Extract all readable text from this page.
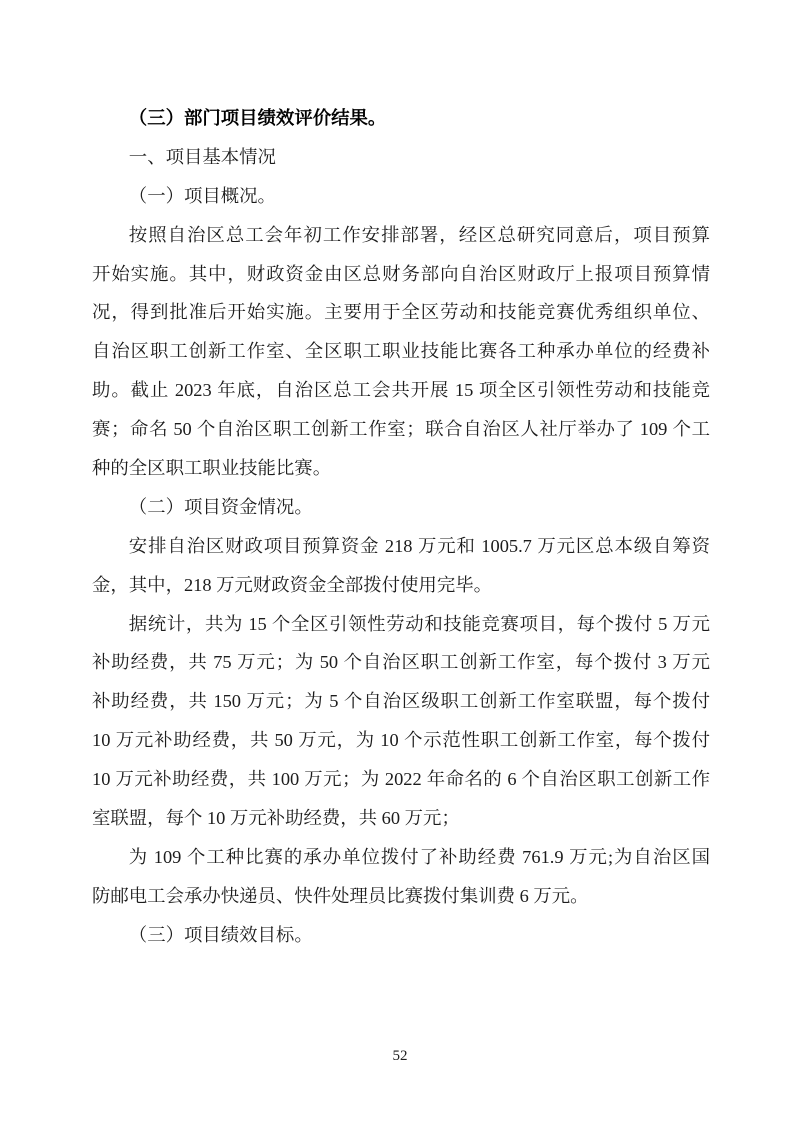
（三）部门项目绩效评价结果。
一、项目基本情况
（一）项目概况。
按照自治区总工会年初工作安排部署，经区总研究同意后，项目预算
开始实施。其中，财政资金由区总财务部向自治区财政厅上报项目预算情
况，得到批准后开始实施。主要用于全区劳动和技能竞赛优秀组织单位、
自治区职工创新工作室、全区职工职业技能比赛各工种承办单位的经费补
助。截止 2023 年底，自治区总工会共开展 15 项全区引领性劳动和技能竞
赛；命名 50 个自治区职工创新工作室；联合自治区人社厅举办了 109 个工
种的全区职工职业技能比赛。
（二）项目资金情况。
安排自治区财政项目预算资金 218 万元和 1005.7 万元区总本级自筹资
金，其中，218 万元财政资金全部拨付使用完毕。
据统计，共为 15 个全区引领性劳动和技能竞赛项目，每个拨付 5 万元
补助经费，共 75 万元；为 50 个自治区职工创新工作室，每个拨付 3 万元
补助经费，共 150 万元；为 5 个自治区级职工创新工作室联盟，每个拨付
10 万元补助经费，共 50 万元，为 10 个示范性职工创新工作室，每个拨付
10 万元补助经费，共 100 万元；为 2022 年命名的 6 个自治区职工创新工作
室联盟，每个 10 万元补助经费，共 60 万元；
为 109 个工种比赛的承办单位拨付了补助经费 761.9 万元;为自治区国
防邮电工会承办快递员、快件处理员比赛拨付集训费 6 万元。
（三）项目绩效目标。
52
